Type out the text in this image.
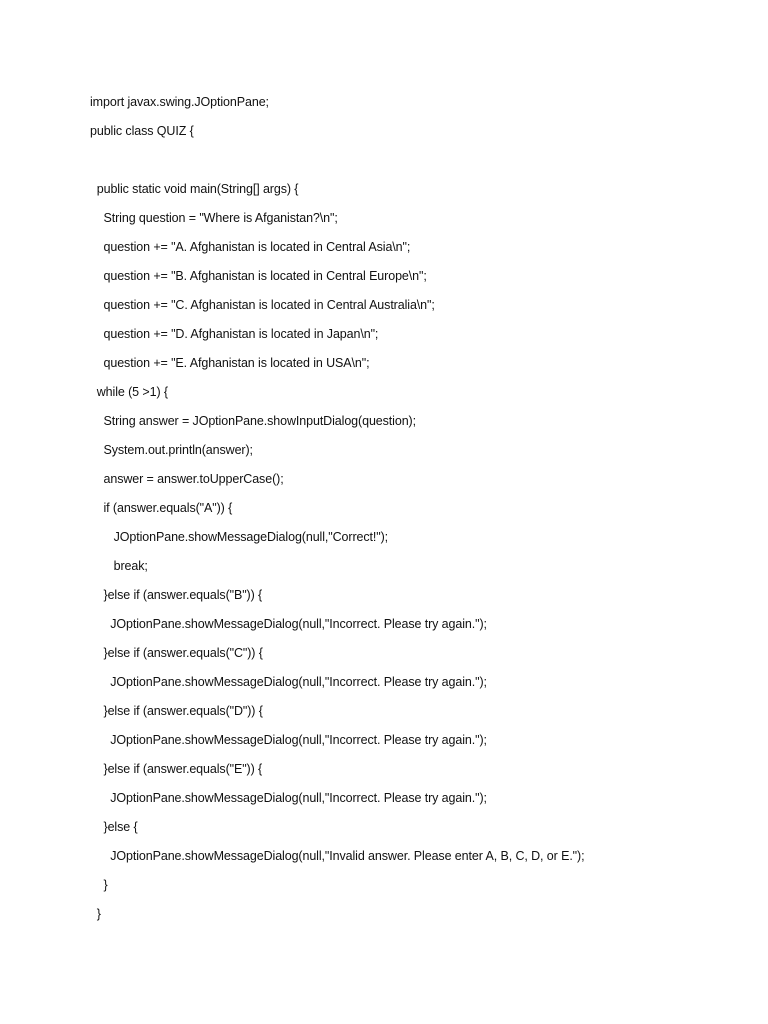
import javax.swing.JOptionPane;
public class QUIZ {
public static void main(String[] args) {
String question = "Where is Afganistan?\n";
question += "A. Afghanistan is located in Central Asia\n";
question += "B. Afghanistan is located in Central Europe\n";
question += "C. Afghanistan is located in Central Australia\n";
question += "D. Afghanistan is located in Japan\n";
question += "E. Afghanistan is located in USA\n";
while (5 >1) {
String answer = JOptionPane.showInputDialog(question);
System.out.println(answer);
answer = answer.toUpperCase();
if (answer.equals("A")) {
JOptionPane.showMessageDialog(null,"Correct!");
break;
}else if (answer.equals("B")) {
JOptionPane.showMessageDialog(null,"Incorrect. Please try again.");
}else if (answer.equals("C")) {
JOptionPane.showMessageDialog(null,"Incorrect. Please try again.");
}else if (answer.equals("D")) {
JOptionPane.showMessageDialog(null,"Incorrect. Please try again.");
}else if (answer.equals("E")) {
JOptionPane.showMessageDialog(null,"Incorrect. Please try again.");
}else {
JOptionPane.showMessageDialog(null,"Invalid answer. Please enter A, B, C, D, or E.");
}
}
